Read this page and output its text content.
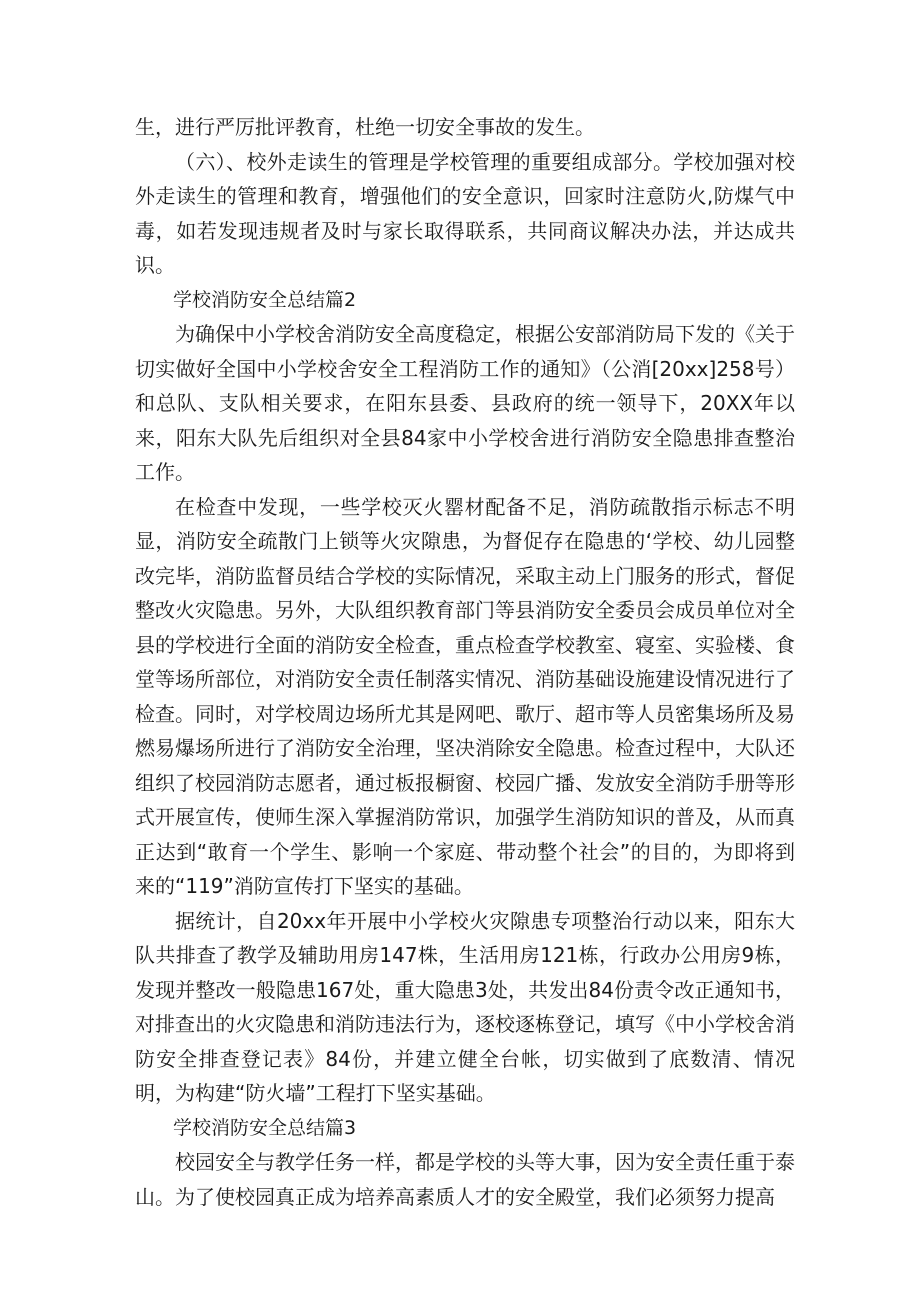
生，进行严厉批评教育，杜绝一切安全事故的发生。

（六）、校外走读生的管理是学校管理的重要组成部分。学校加强对校外走读生的管理和教育，增强他们的安全意识，回家时注意防火,防煤气中毒，如若发现违规者及时与家长取得联系，共同商议解决办法，并达成共识。

学校消防安全总结篇2

为确保中小学校舍消防安全高度稳定，根据公安部消防局下发的《关于切实做好全国中小学校舍安全工程消防工作的通知》（公消[20xx]258号）和总队、支队相关要求，在阳东县委、县政府的统一领导下，20XX年以来，阳东大队先后组织对全县84家中小学校舍进行消防安全隐患排查整治工作。

在检查中发现，一些学校灭火罂材配备不足，消防疏散指示标志不明显，消防安全疏散门上锁等火灾隙患，为督促存在隐患的‘学校、幼儿园整改完毕，消防监督员结合学校的实际情况，采取主动上门服务的形式，督促整改火灾隐患。另外，大队组织教育部门等县消防安全委员会成员单位对全县的学校进行全面的消防安全检查，重点检查学校教室、寝室、实验楼、食堂等场所部位，对消防安全责任制落实情况、消防基础设施建设情况进行了检查。同时，对学校周边场所尤其是网吧、歌厅、超市等人员密集场所及易燃易爆场所进行了消防安全治理，坚决消除安全隐患。检查过程中，大队还组织了校园消防志愿者，通过板报橱窗、校园广播、发放安全消防手册等形式开展宣传，使师生深入掌握消防常识，加强学生消防知识的普及，从而真正达到“敢育一个学生、影响一个家庭、带动整个社会”的目的，为即将到来的“119”消防宣传打下坚实的基础。

据统计，自20xx年开展中小学校火灾隙患专项整治行动以来，阳东大队共排查了教学及辅助用房147株，生活用房121栋，行政办公用房9栋，发现并整改一般隐患167处，重大隐患3处，共发出84份责令改正通知书，对排查出的火灾隐患和消防违法行为，逐校逐栋登记，填写《中小学校舍消防安全排查登记表》84份，并建立健全台帐，切实做到了底数清、情况明，为构建“防火墙”工程打下坚实基础。

学校消防安全总结篇3

校园安全与教学任务一样，都是学校的头等大事，因为安全责任重于泰山。为了使校园真正成为培养高素质人才的安全殿堂，我们必须努力提高
